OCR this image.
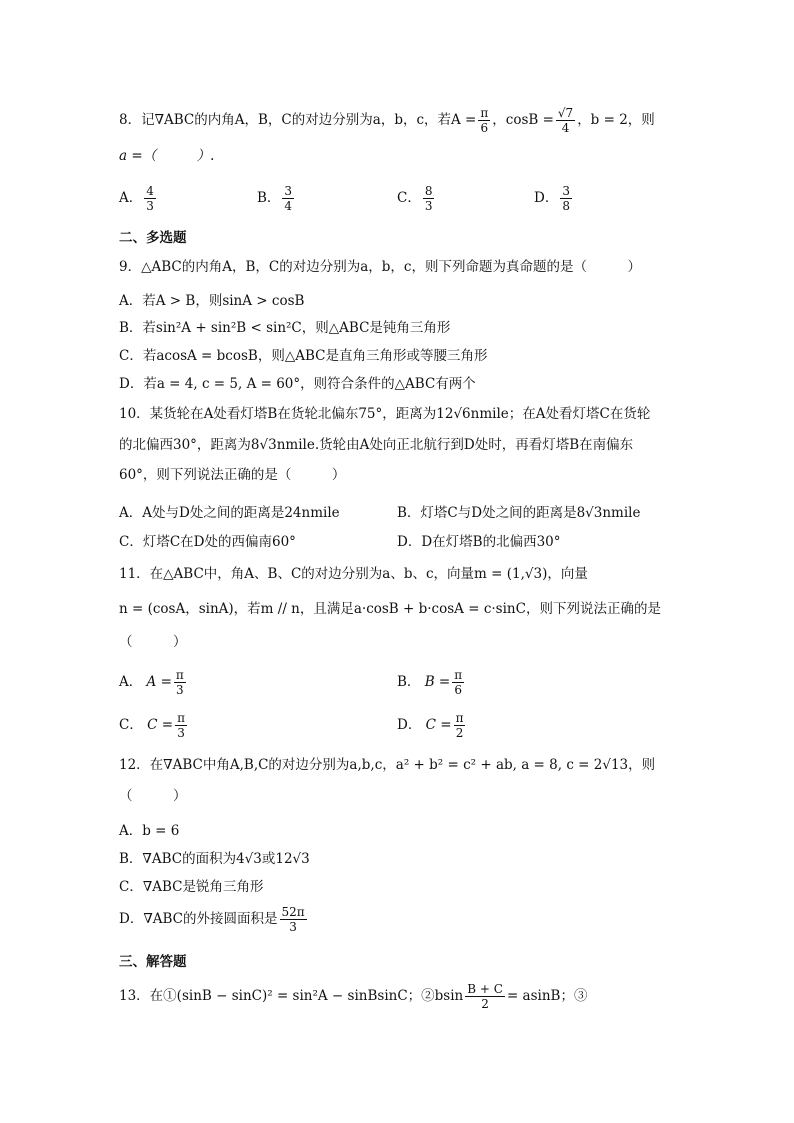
8．记∇ABC的内角A，B，C的对边分别为a，b，c，若$A = \frac{\pi}{6}$ ，$\cos B = \frac{√7}{4}$ ，b = 2，则
a =（　　　）.
A． $\frac{4}{3}$	B． $\frac{3}{4}$	C． $\frac{8}{3}$	D． $\frac{3}{8}$
二、多选题
9．△ABC的内角A，B，C的对边分别为a，b，c，则下列命题为真命题的是（　　　）
A．若A > B，则sinA > cosB
B．若sin²A + sin²B < sin²C，则△ABC是钝角三角形
C．若acosA = bcosB，则△ABC是直角三角形或等腰三角形
D．若a = 4, c = 5, A = 60°，则符合条件的△ABC有两个
10．某货轮在A处看灯塔B在货轮北偏东75°，距离为12√6nmile；在A处看灯塔C在货轮
的北偏西30°，距离为8√3nmile.货轮由A处向正北航行到D处时，再看灯塔B在南偏东
60°，则下列说法正确的是（　　　）
A．A处与D处之间的距离是24nmile	B．灯塔C与D处之间的距离是8√3nmile
C．灯塔C在D处的西偏南60°	D．D在灯塔B的北偏西30°
11．在△ABC中，角A、B、C的对边分别为a、b、c，向量m = (1,√3)，向量
n = (cosA，sinA)，若m // n，且满足a·cosB + b·cosA = c·sinC，则下列说法正确的是
（　　　）
A． $A = \frac{\pi}{3}$	B． $B = \frac{\pi}{6}$
C． $C = \frac{\pi}{3}$	D． $C = \frac{\pi}{2}$
12．在∇ABC中角A,B,C的对边分别为a,b,c，a² + b² = c² + ab, a = 8, c = 2√13，则
（　　　）
A．b = 6
B．∇ABC的面积为4√3或12√3
C．∇ABC是锐角三角形
D．∇ABC的外接圆面积是 $\frac{52\pi}{3}$
三、解答题
13．在①(sinB − sinC)² = sin²A − sinBsinC；②bsin $\frac{B + C}{2} = asinB$；③
